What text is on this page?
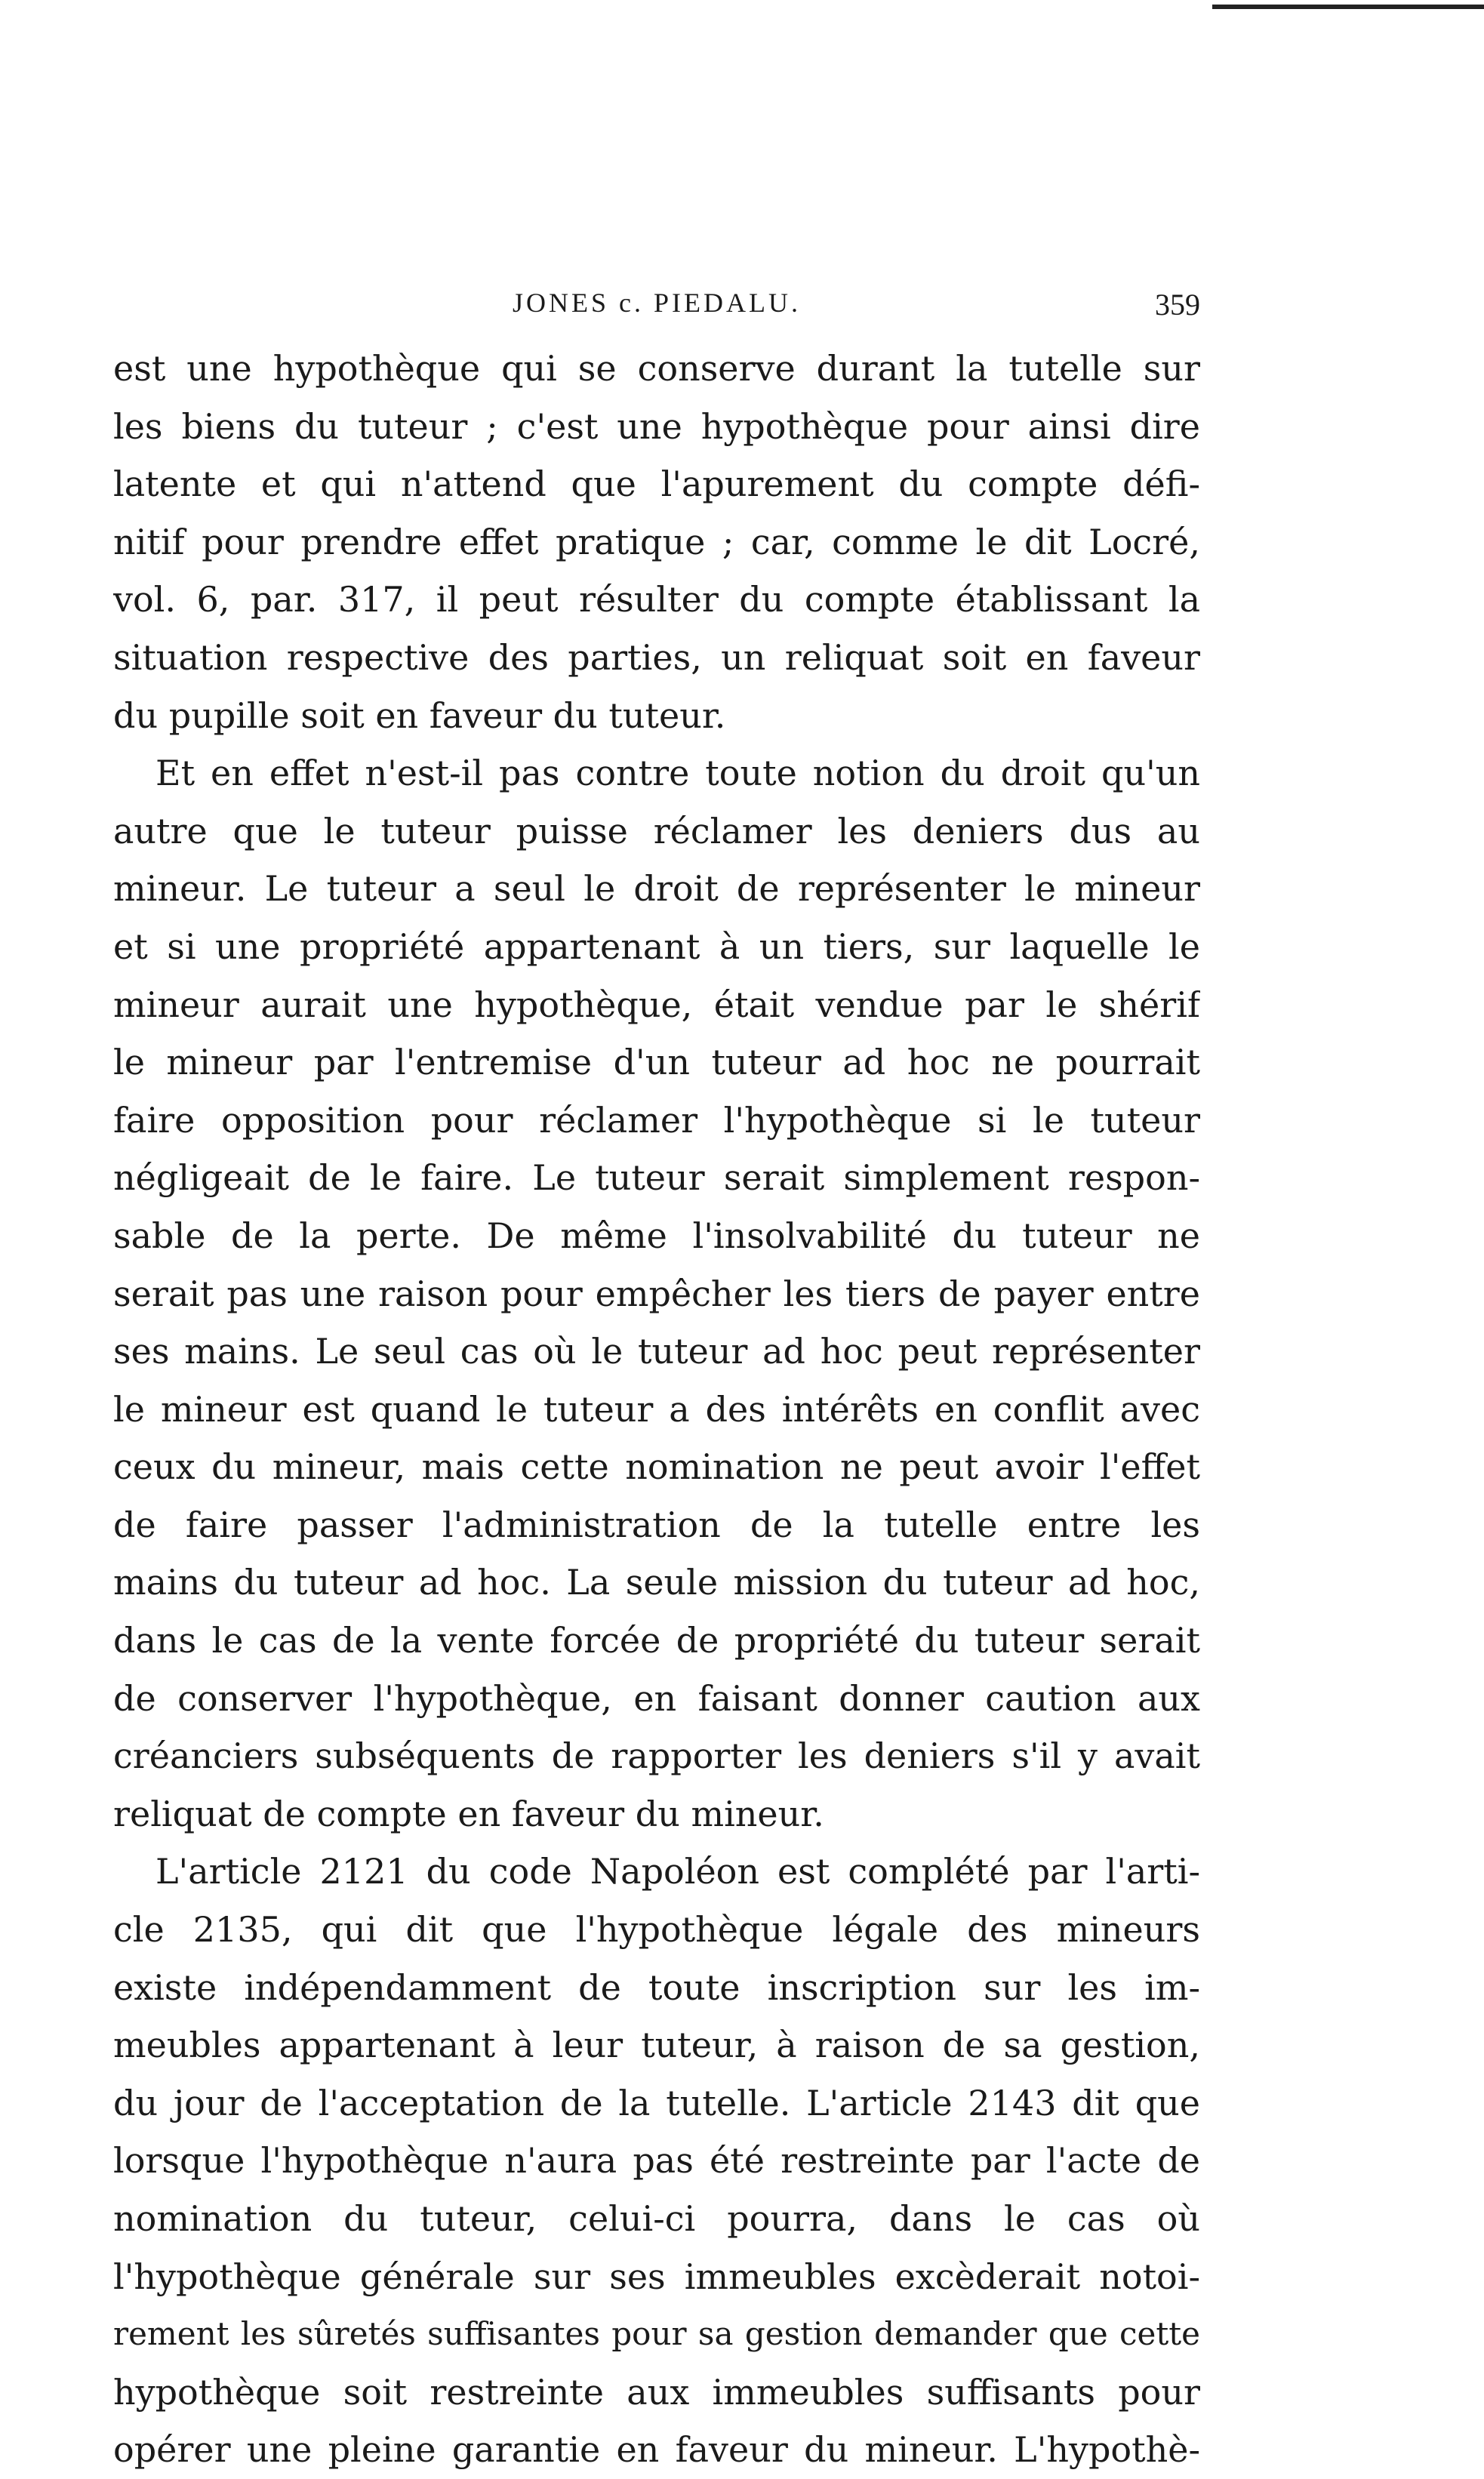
JONES c. PIEDALU.	359
est une hypothèque qui se conserve durant la tutelle sur
les biens du tuteur ; c'est une hypothèque pour ainsi dire
latente et qui n'attend que l'apurement du compte défi-
nitif pour prendre effet pratique ; car, comme le dit Locré,
vol. 6, par. 317, il peut résulter du compte établissant la
situation respective des parties, un reliquat soit en faveur
du pupille soit en faveur du tuteur.
Et en effet n'est-il pas contre toute notion du droit qu'un
autre que le tuteur puisse réclamer les deniers dus au
mineur. Le tuteur a seul le droit de représenter le mineur
et si une propriété appartenant à un tiers, sur laquelle le
mineur aurait une hypothèque, était vendue par le shérif
le mineur par l'entremise d'un tuteur ad hoc ne pourrait
faire opposition pour réclamer l'hypothèque si le tuteur
négligeait de le faire. Le tuteur serait simplement respon-
sable de la perte. De même l'insolvabilité du tuteur ne
serait pas une raison pour empêcher les tiers de payer entre
ses mains. Le seul cas où le tuteur ad hoc peut représenter
le mineur est quand le tuteur a des intérêts en conflit avec
ceux du mineur, mais cette nomination ne peut avoir l'effet
de faire passer l'administration de la tutelle entre les
mains du tuteur ad hoc. La seule mission du tuteur ad hoc,
dans le cas de la vente forcée de propriété du tuteur serait
de conserver l'hypothèque, en faisant donner caution aux
créanciers subséquents de rapporter les deniers s'il y avait
reliquat de compte en faveur du mineur.
L'article 2121 du code Napoléon est complété par l'arti-
cle 2135, qui dit que l'hypothèque légale des mineurs
existe indépendamment de toute inscription sur les im-
meubles appartenant à leur tuteur, à raison de sa gestion,
du jour de l'acceptation de la tutelle. L'article 2143 dit que
lorsque l'hypothèque n'aura pas été restreinte par l'acte de
nomination du tuteur, celui-ci pourra, dans le cas où
l'hypothèque générale sur ses immeubles excèderait notoi-
rement les sûretés suffisantes pour sa gestion demander que cette
hypothèque soit restreinte aux immeubles suffisants pour
opérer une pleine garantie en faveur du mineur. L'hypothè-
